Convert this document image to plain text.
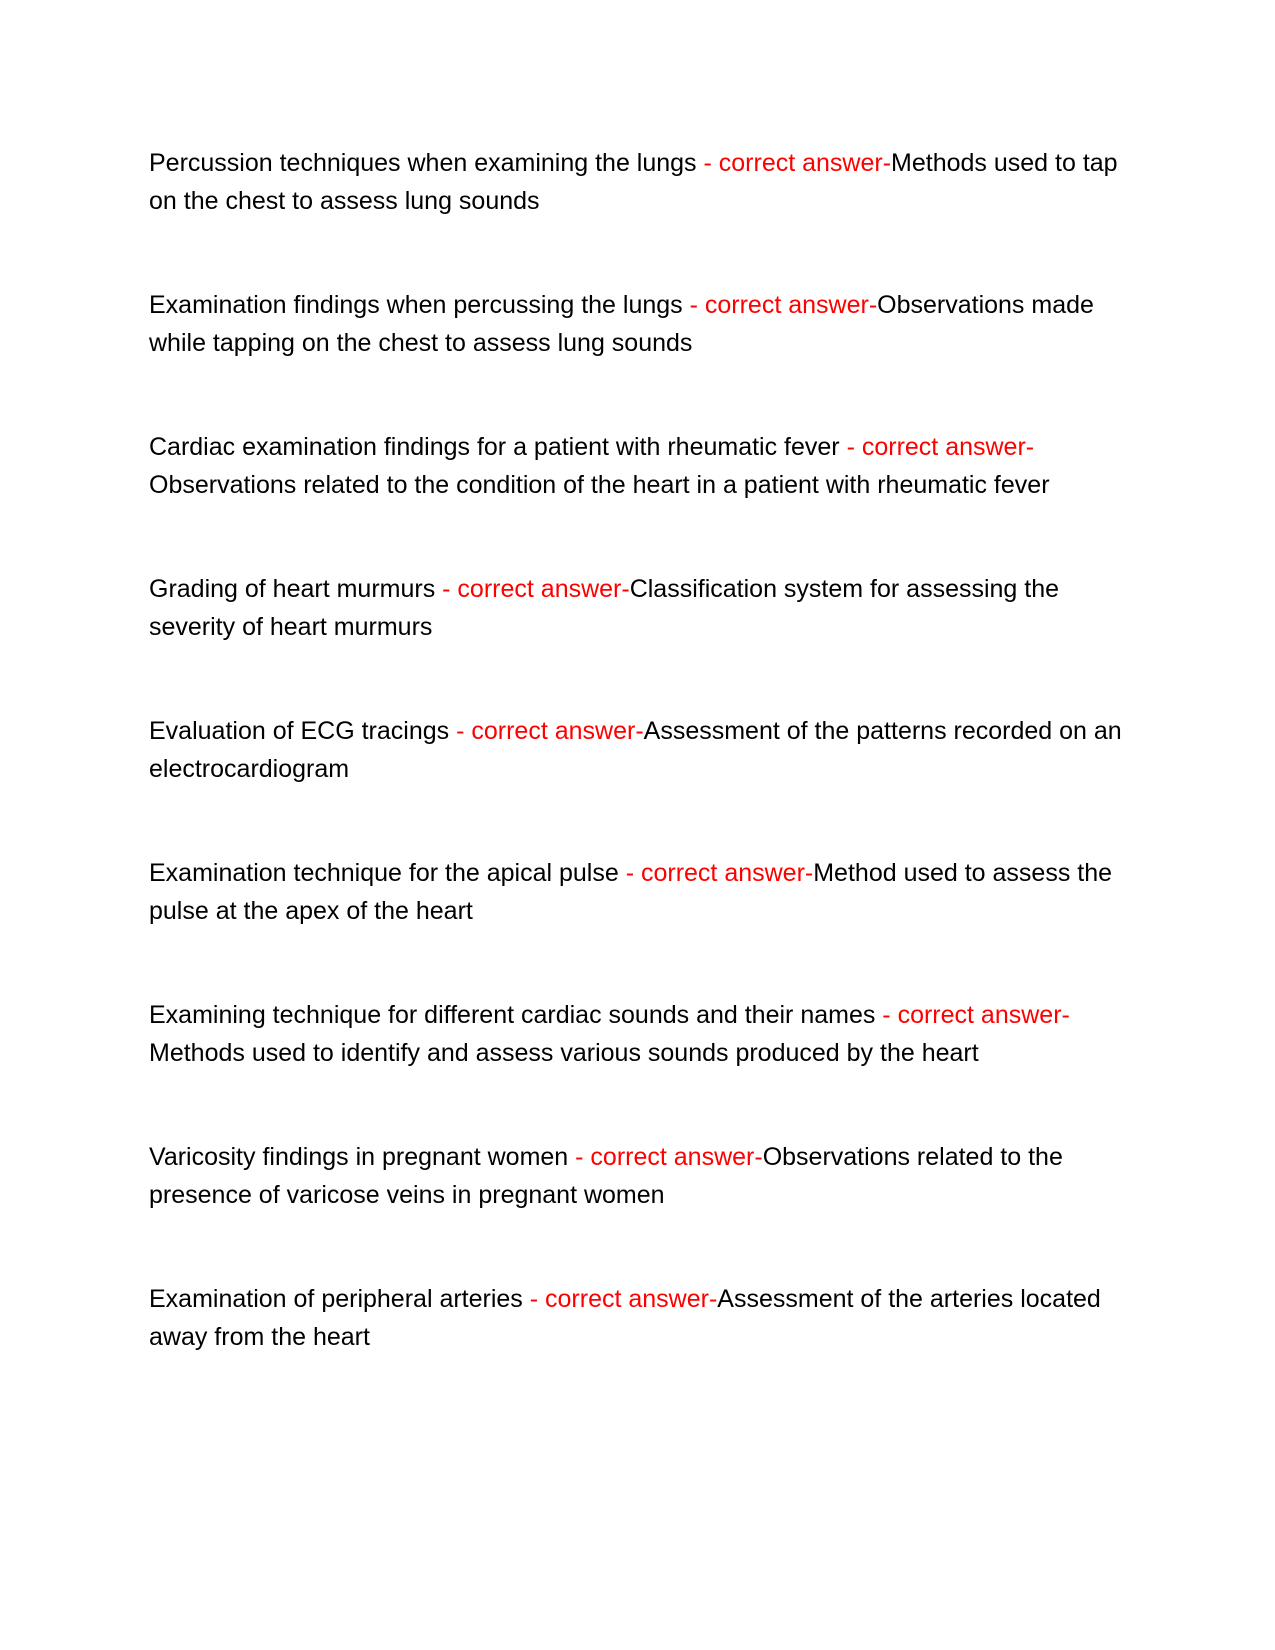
Percussion techniques when examining the lungs - correct answer-Methods used to tap on the chest to assess lung sounds

Examination findings when percussing the lungs - correct answer-Observations made while tapping on the chest to assess lung sounds

Cardiac examination findings for a patient with rheumatic fever - correct answer-Observations related to the condition of the heart in a patient with rheumatic fever

Grading of heart murmurs - correct answer-Classification system for assessing the severity of heart murmurs

Evaluation of ECG tracings - correct answer-Assessment of the patterns recorded on an electrocardiogram

Examination technique for the apical pulse - correct answer-Method used to assess the pulse at the apex of the heart

Examining technique for different cardiac sounds and their names - correct answer-Methods used to identify and assess various sounds produced by the heart

Varicosity findings in pregnant women - correct answer-Observations related to the presence of varicose veins in pregnant women

Examination of peripheral arteries - correct answer-Assessment of the arteries located away from the heart
